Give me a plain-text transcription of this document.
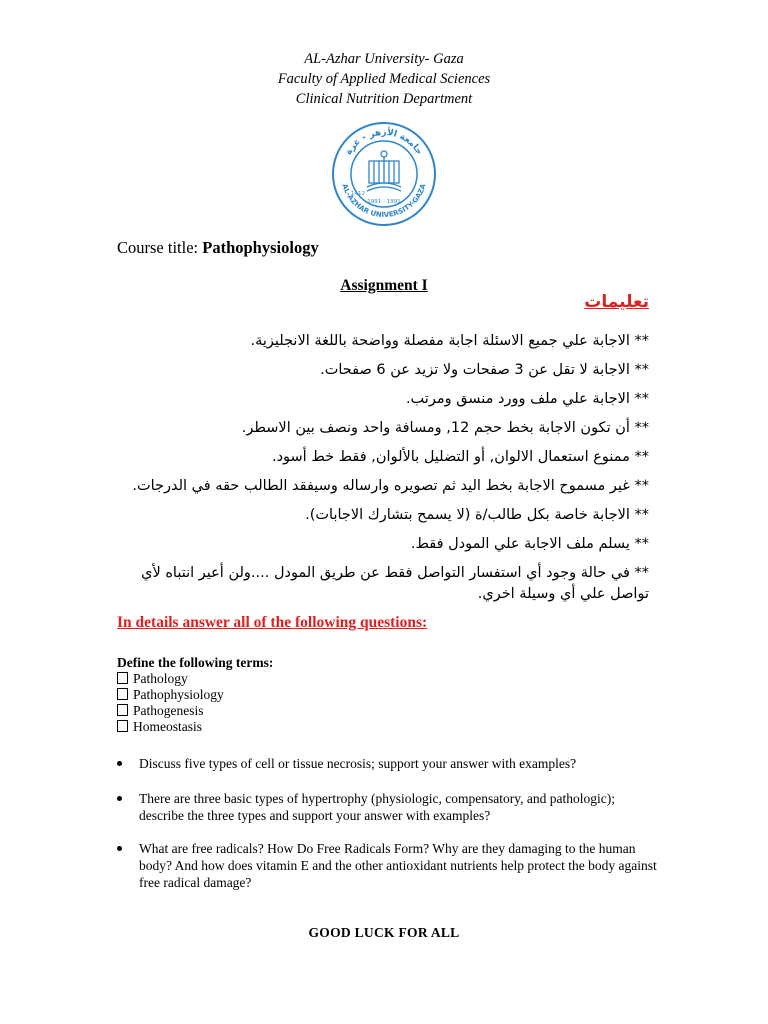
AL-Azhar University- Gaza
Faculty of Applied Medical Sciences
Clinical Nutrition Department
جامعة الأزهر - غزة
AL-AZHAR UNIVERSITY-GAZA
1412
1991 - 1991
Course title: Pathophysiology
Assignment I
تعليمات
** الاجابة علي جميع الاسئلة اجابة مفصلة وواضحة باللغة الانجليزية.
** الاجابة لا تقل عن 3 صفحات ولا تزيد عن 6 صفحات.
** الاجابة علي ملف وورد منسق ومرتب.
** أن تكون الاجابة بخط حجم 12, ومسافة واحد ونصف بين الاسطر.
** ممنوع استعمال الالوان, أو التضليل بالألوان, فقط خط أسود.
** غير مسموح الاجابة بخط اليد ثم تصويره وارساله وسيفقد الطالب حقه في الدرجات.
** الاجابة خاصة بكل طالب/ة (لا يسمح بتشارك الاجابات).
** يسلم ملف الاجابة علي المودل فقط.
** في حالة وجود أي استفسار التواصل فقط عن طريق المودل ....ولن أعير انتباه لأي تواصل علي أي وسيلة اخري.
In details answer all of the following questions:
Define the following terms:
Pathology
Pathophysiology
Pathogenesis
Homeostasis
Discuss five types of cell or tissue necrosis; support your answer with examples?
There are three basic types of hypertrophy (physiologic, compensatory, and pathologic); describe the three types and support your answer with examples?
What are free radicals? How Do Free Radicals Form? Why are they damaging to the human body? And how does vitamin E and the other antioxidant nutrients help protect the body against free radical damage?
GOOD LUCK FOR ALL
